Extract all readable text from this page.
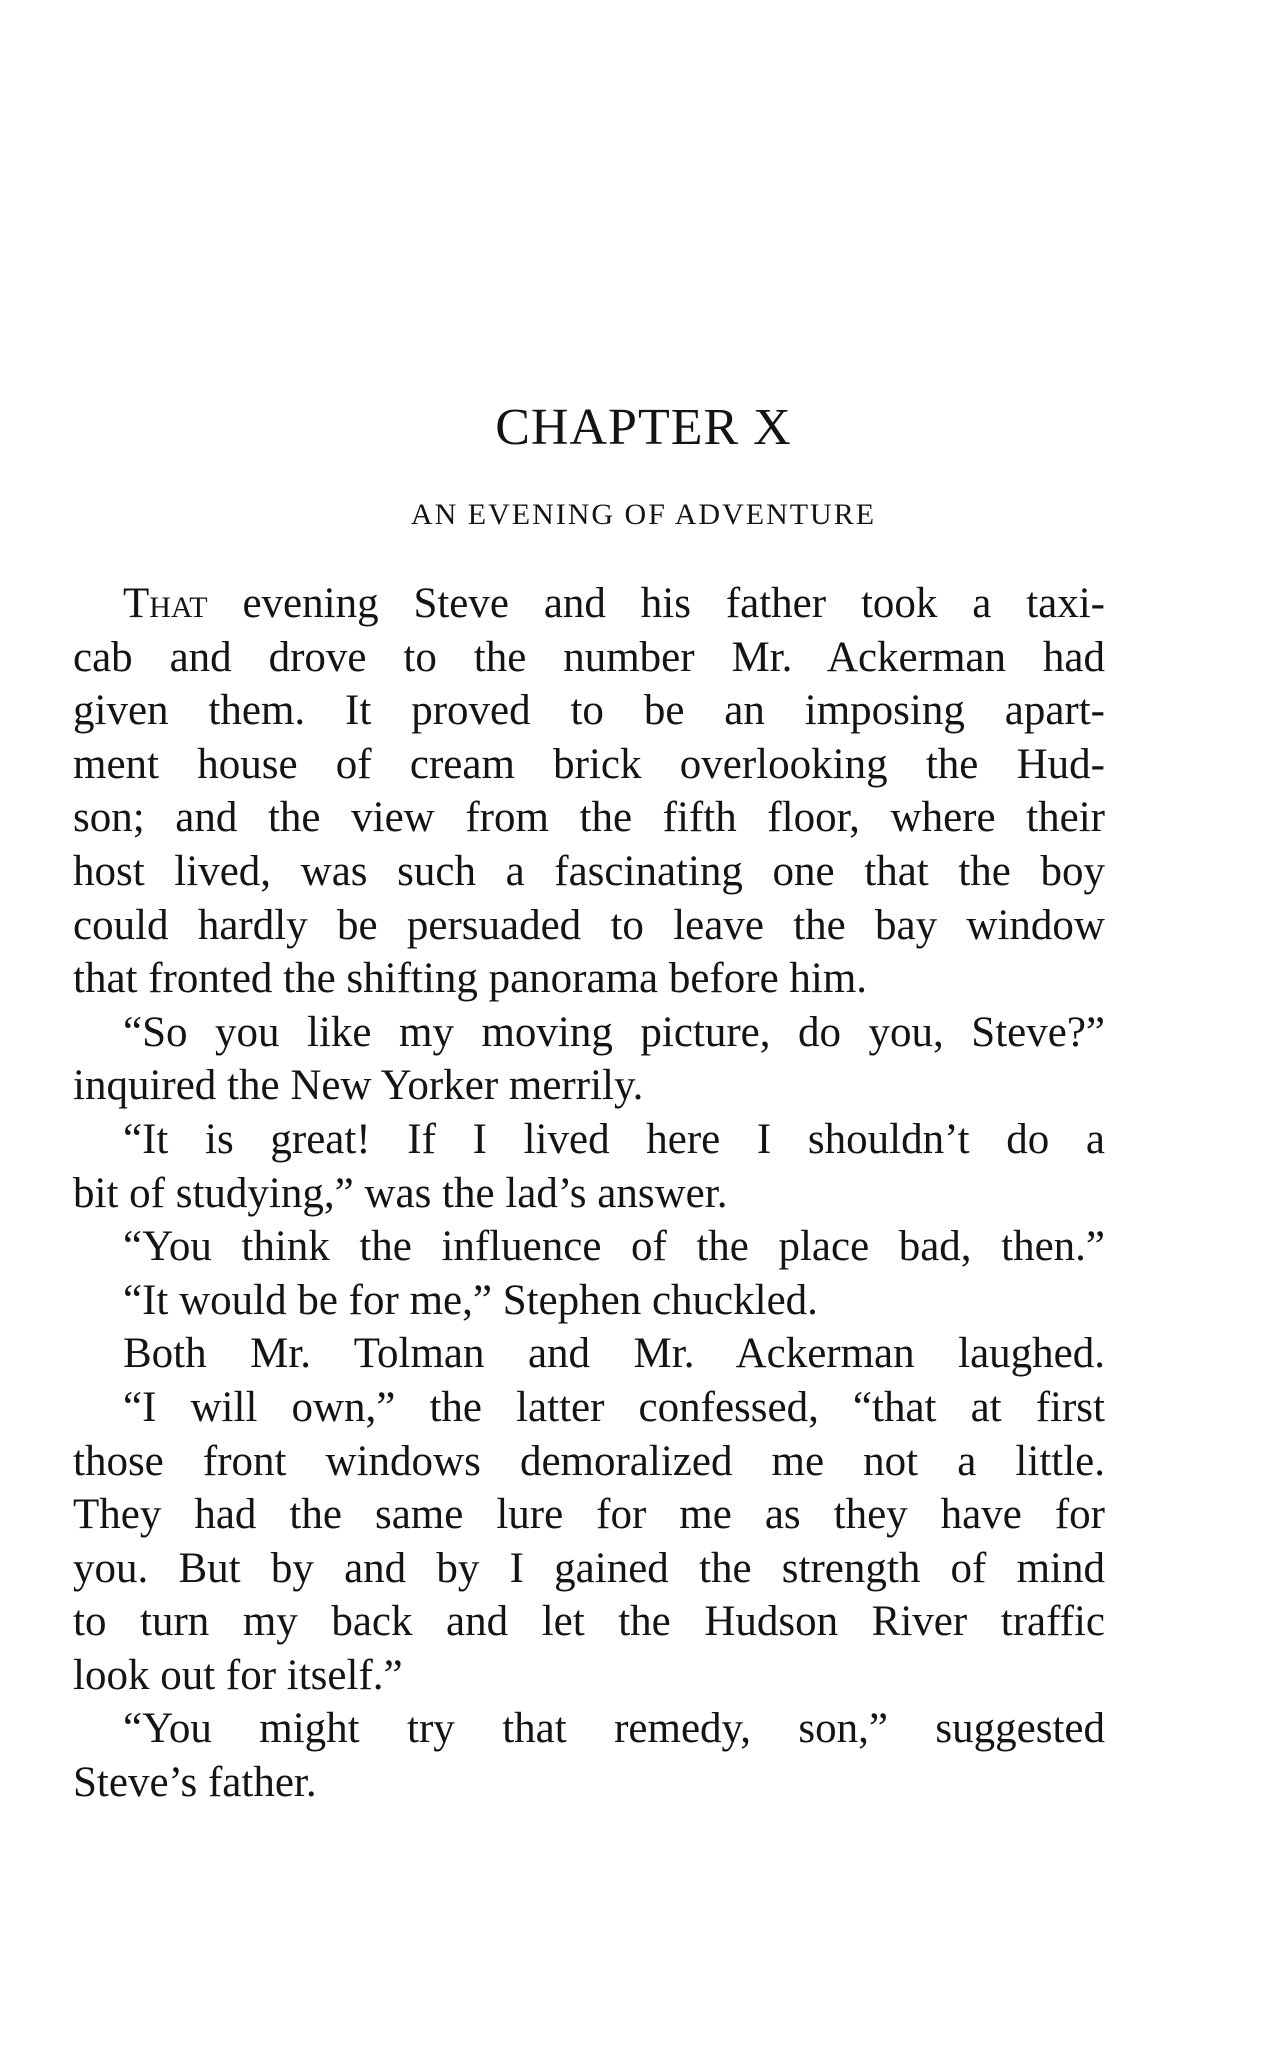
CHAPTER X
AN EVENING OF ADVENTURE
That evening Steve and his father took a taxi-
cab and drove to the number Mr. Ackerman had
given them. It proved to be an imposing apart-
ment house of cream brick overlooking the Hud-
son; and the view from the fifth floor, where their
host lived, was such a fascinating one that the boy
could hardly be persuaded to leave the bay window
that fronted the shifting panorama before him.
“So you like my moving picture, do you, Steve?”
inquired the New Yorker merrily.
“It is great! If I lived here I shouldn’t do a
bit of studying,” was the lad’s answer.
“You think the influence of the place bad, then.”
“It would be for me,” Stephen chuckled.
Both Mr. Tolman and Mr. Ackerman laughed.
“I will own,” the latter confessed, “that at first
those front windows demoralized me not a little.
They had the same lure for me as they have for
you. But by and by I gained the strength of mind
to turn my back and let the Hudson River traffic
look out for itself.”
“You might try that remedy, son,” suggested
Steve’s father.
